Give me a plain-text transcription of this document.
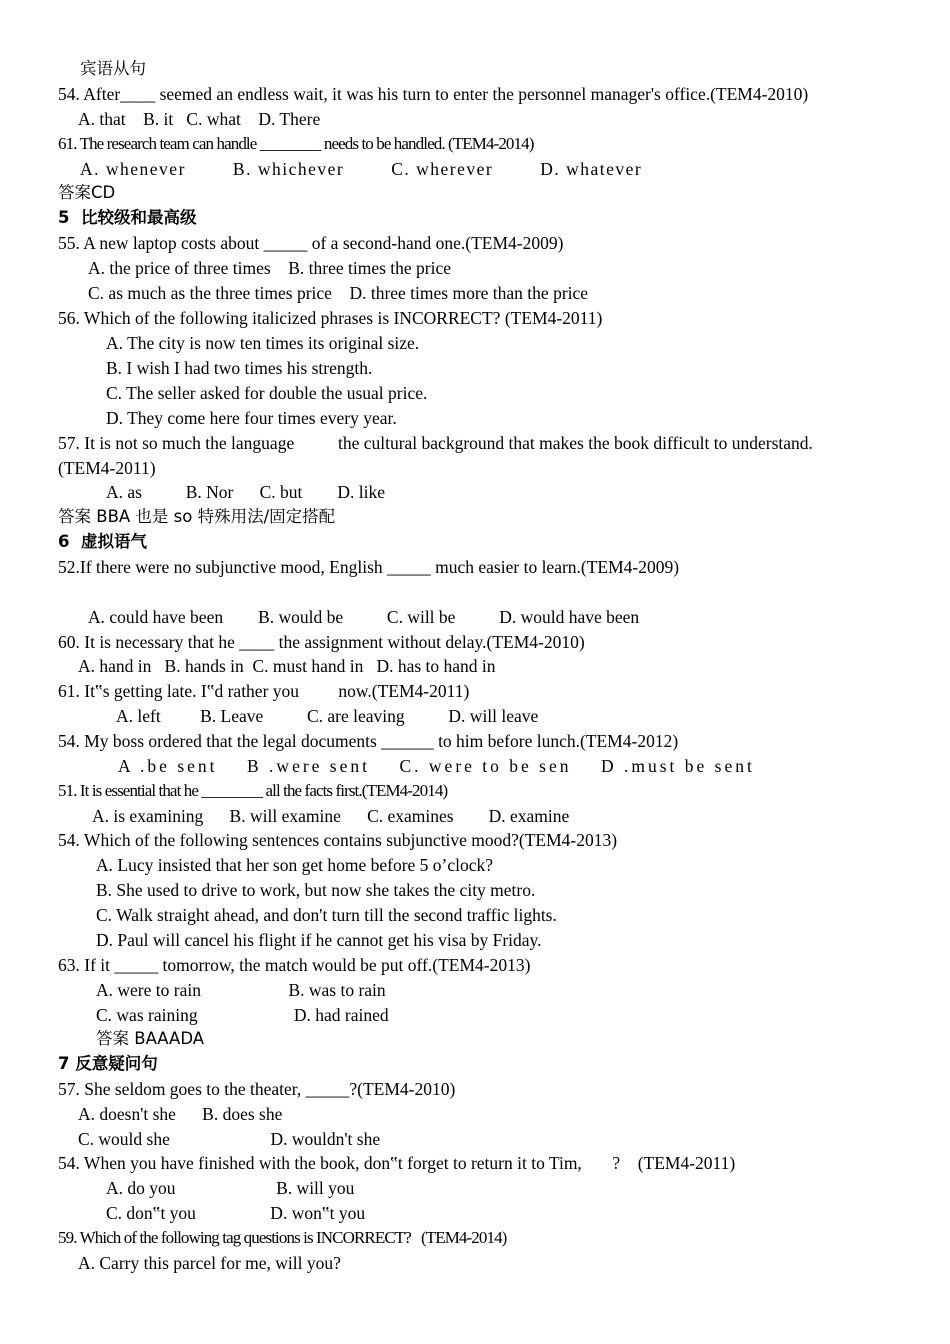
宾语从句
54. After____ seemed an endless wait, it was his turn to enter the personnel manager's office.(TEM4-2010)
A. that    B. it   C. what    D. There
61. The research team can handle ________ needs to be handled. (TEM4-2014)
A. whenever        B. whichever        C. wherever        D. whatever
答案CD
5  比较级和最高级
55. A new laptop costs about _____ of a second-hand one.(TEM4-2009)
A. the price of three times    B. three times the price
C. as much as the three times price    D. three times more than the price
56. Which of the following italicized phrases is INCORRECT? (TEM4-2011)
A. The city is now ten times its original size.
B. I wish I had two times his strength.
C. The seller asked for double the usual price.
D. They come here four times every year.
57. It is not so much the language          the cultural background that makes the book difficult to understand.
(TEM4-2011)
A. as          B. Nor      C. but        D. like
答案 BBA 也是 so 特殊用法/固定搭配
6  虚拟语气
52.If there were no subjunctive mood, English _____ much easier to learn.(TEM4-2009)
A. could have been        B. would be          C. will be          D. would have been
60. It is necessary that he ____ the assignment without delay.(TEM4-2010)
A. hand in   B. hands in  C. must hand in   D. has to hand in
61. It‟s getting late. I‟d rather you         now.(TEM4-2011)
A. left         B. Leave          C. are leaving          D. will leave
54. My boss ordered that the legal documents ______ to him before lunch.(TEM4-2012)
A .be sent    B .were sent    C. were to be sen    D .must be sent
51. It is essential that he ________ all the facts first.(TEM4-2014)
A. is examining      B. will examine      C. examines        D. examine
54. Which of the following sentences contains subjunctive mood?(TEM4-2013)
A. Lucy insisted that her son get home before 5 o’clock?
B. She used to drive to work, but now she takes the city metro.
C. Walk straight ahead, and don't turn till the second traffic lights.
D. Paul will cancel his flight if he cannot get his visa by Friday.
63. If it _____ tomorrow, the match would be put off.(TEM4-2013)
A. were to rain                    B. was to rain
C. was raining                      D. had rained
答案 BAAADA
7 反意疑问句
57. She seldom goes to the theater, _____?(TEM4-2010)
A. doesn't she      B. does she
C. would she                       D. wouldn't she
54. When you have finished with the book, don‟t forget to return it to Tim,       ?    (TEM4-2011)
A. do you                       B. will you
C. don‟t you                 D. won‟t you
59. Which of the following tag questions is INCORRECT?   (TEM4-2014)
A. Carry this parcel for me, will you?
